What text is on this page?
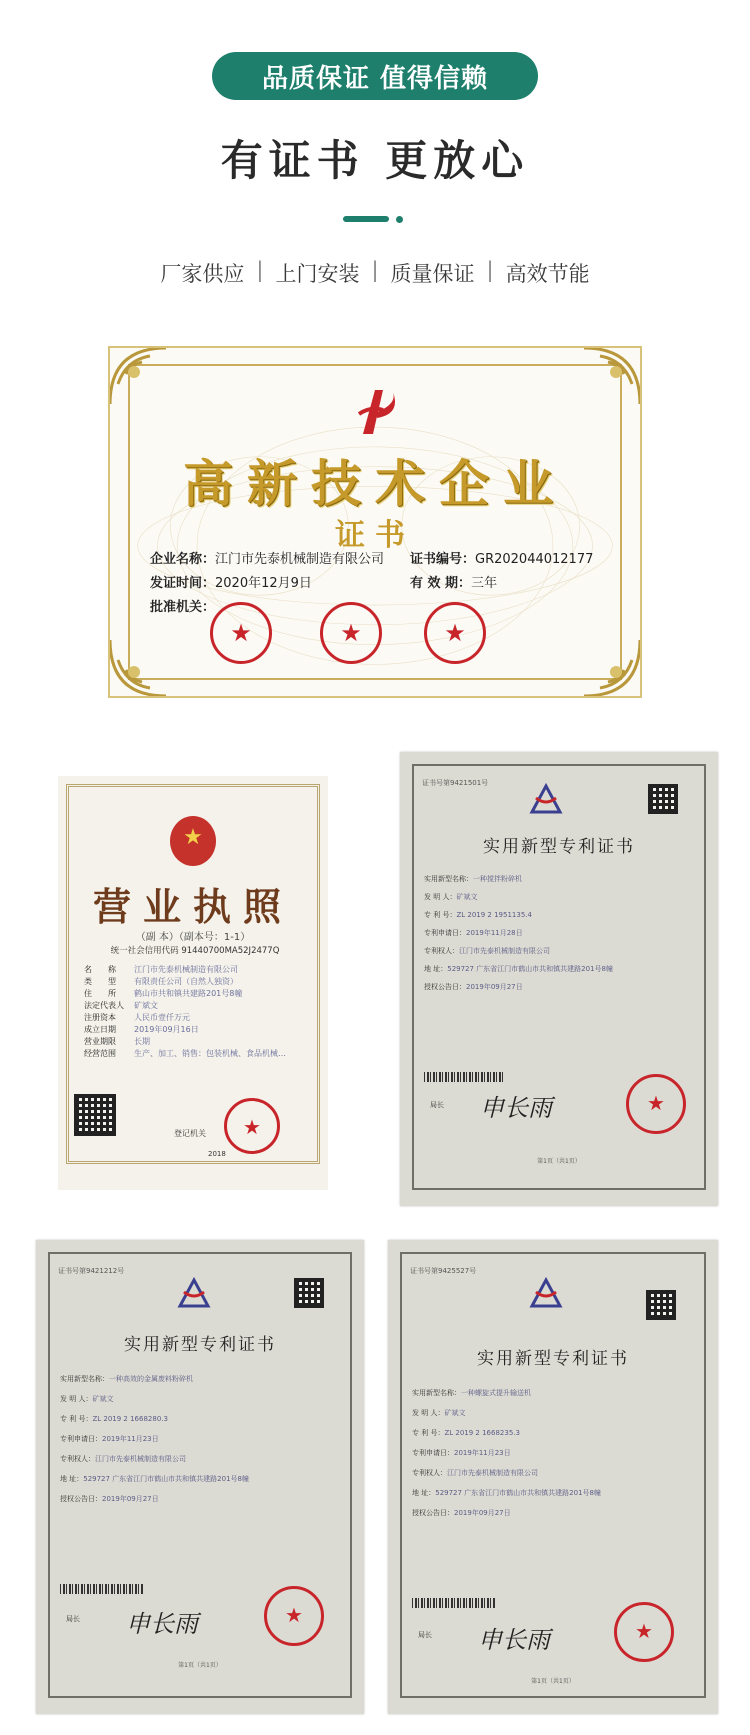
品质保证 值得信赖
有证书 更放心
厂家供应 | 上门安装 | 质量保证 | 高效节能
高新技术企业
证书
企业名称：江门市先泰机械制造有限公司 证书编号：GR202044012177
发证时间：2020年12月9日	有 效 期：三年
批准机关：
★	★	★
★
营业执照
（副 本）（副本号：1-1）
统一社会信用代码 91440700MA52J2477Q
名　　称 江门市先泰机械制造有限公司
类　　型 有限责任公司（自然人独资）
住　　所 鹤山市共和镇共建路201号8幢
法定代表人 矿斌文
注册资本 人民币壹仟万元
成立日期 2019年09月16日
营业期限 长期
经营范围 生产、加工、销售：包装机械、食品机械…
登记机关
★
2018
证书号第9421501号
实用新型专利证书
实用新型名称：一种搅拌粉碎机
发 明 人：矿斌文
专 利 号：ZL 2019 2 1951135.4
专利申请日：2019年11月28日
专利权人：江门市先泰机械制造有限公司
地 址：529727 广东省江门市鹤山市共和镇共建路201号8幢
授权公告日：2019年09月27日
局长 申长雨
★
第1页（共1页）
证书号第9421212号
实用新型专利证书
实用新型名称：一种高效的金属废料粉碎机
发 明 人：矿斌文
专 利 号：ZL 2019 2 1668280.3
专利申请日：2019年11月23日
专利权人：江门市先泰机械制造有限公司
地 址：529727 广东省江门市鹤山市共和镇共建路201号8幢
授权公告日：2019年09月27日
局长 申长雨
★
第1页（共1页）
证书号第9425527号
实用新型专利证书
实用新型名称：一种螺旋式提升输送机
发 明 人：矿斌文
专 利 号：ZL 2019 2 1668235.3
专利申请日：2019年11月23日
专利权人：江门市先泰机械制造有限公司
地 址：529727 广东省江门市鹤山市共和镇共建路201号8幢
授权公告日：2019年09月27日
局长 申长雨
★
第1页（共1页）
